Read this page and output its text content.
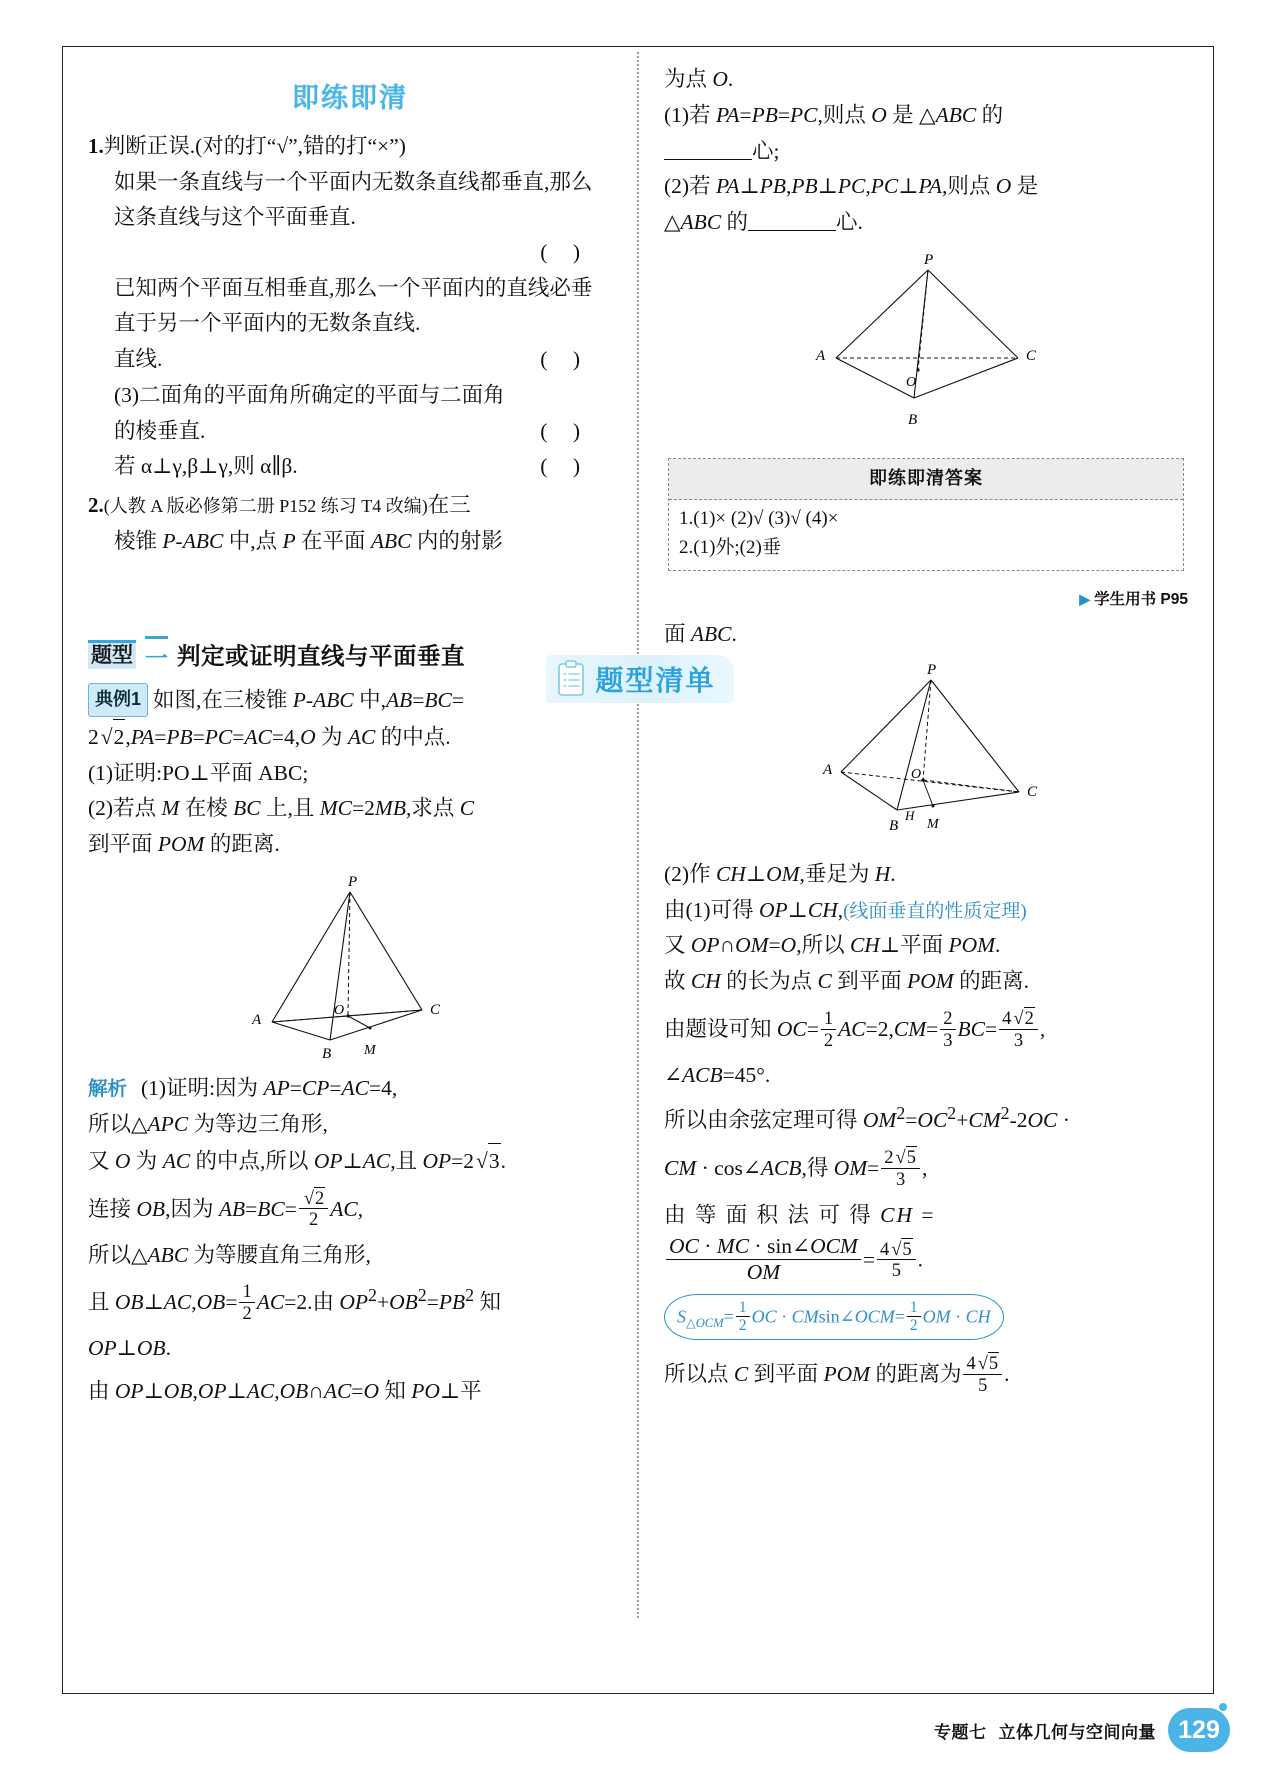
即练即清
1.判断正误.(对的打“√”,错的打“×”)
如果一条直线与一个平面内无数条直线都垂直,那么这条直线与这个平面垂直.
( )
已知两个平面互相垂直,那么一个平面内的直线必垂直于另一个平面内的无数条直线.
直线.	( )
(3)二面角的平面角所确定的平面与二面角
的棱垂直.	( )
若 α⊥γ,β⊥γ,则 α∥β.	( )
2.(人教 A 版必修第二册 P152 练习 T4 改编)在三
棱锥 P-ABC 中,点 P 在平面 ABC 内的射影
题型 一 判定或证明直线与平面垂直
典例1 如图,在三棱锥 P-ABC 中,AB=BC=
2√2,PA=PB=PC=AC=4,O 为 AC 的中点.
(1)证明:PO⊥平面 ABC;
(2)若点 M 在棱 BC 上,且 MC=2MB,求点 C
到平面 POM 的距离.
P
O
A
C
B M
解析 (1)证明:因为 AP=CP=AC=4,
所以△APC 为等边三角形,
又 O 为 AC 的中点,所以 OP⊥AC,且 OP=2√3.
连接 OB,因为 $AB=BC= \frac{√2}{2}$ AC,
所以△ABC 为等腰直角三角形,
且 OB⊥AC,OB= $\frac{1}{2} AC=2$.由 $OP^2+OB^2=PB^2$ 知
OP⊥OB.
由 OP⊥OB,OP⊥AC,OB∩AC=O 知 PO⊥平
为点 O.
(1)若 PA=PB=PC,则点 O 是 △ABC 的
心;
(2)若 PA⊥PB,PB⊥PC,PC⊥PA,则点 O 是
△ABC 的	心.
P
O
A	C
B
即练即清答案
1.(1)× (2)√ (3)√ (4)×
2.(1)外;(2)垂
▶ 学生用书 P95
面 ABC.
P
O
A
C
B M
H
(2)作 CH⊥OM,垂足为 H.
由(1)可得 OP⊥CH,(线面垂直的性质定理)
又 OP∩OM=O,所以 CH⊥平面 POM.
故 CH 的长为点 C 到平面 POM 的距离.
由题设可知 $OC= \frac{1}{2} AC=2,CM= \frac{2}{3} BC= \frac{4 √2}{3}$ ,
∠ACB=45°.
所以由余弦定理可得 $OM^2=OC^2+CM^2-2OC$ ·
CM · cos∠ACB,得 $OM= \frac{2 √5}{3}$ ,
由 等 面 积 法 可 得 CH =
$\frac{\text{OC · MC · sin∠OCM}}{OM} = \frac{4 √5}{5}$ .
$S_{\triangle OCM}= \frac{1}{2}$ OC · CMsin∠OCM= $\frac{1}{2}$ OM · CH
所以点 C 到平面 POM 的距离为 $\frac{4 √5}{5}$ .
题型清单
专题七 立体几何与空间向量 129
